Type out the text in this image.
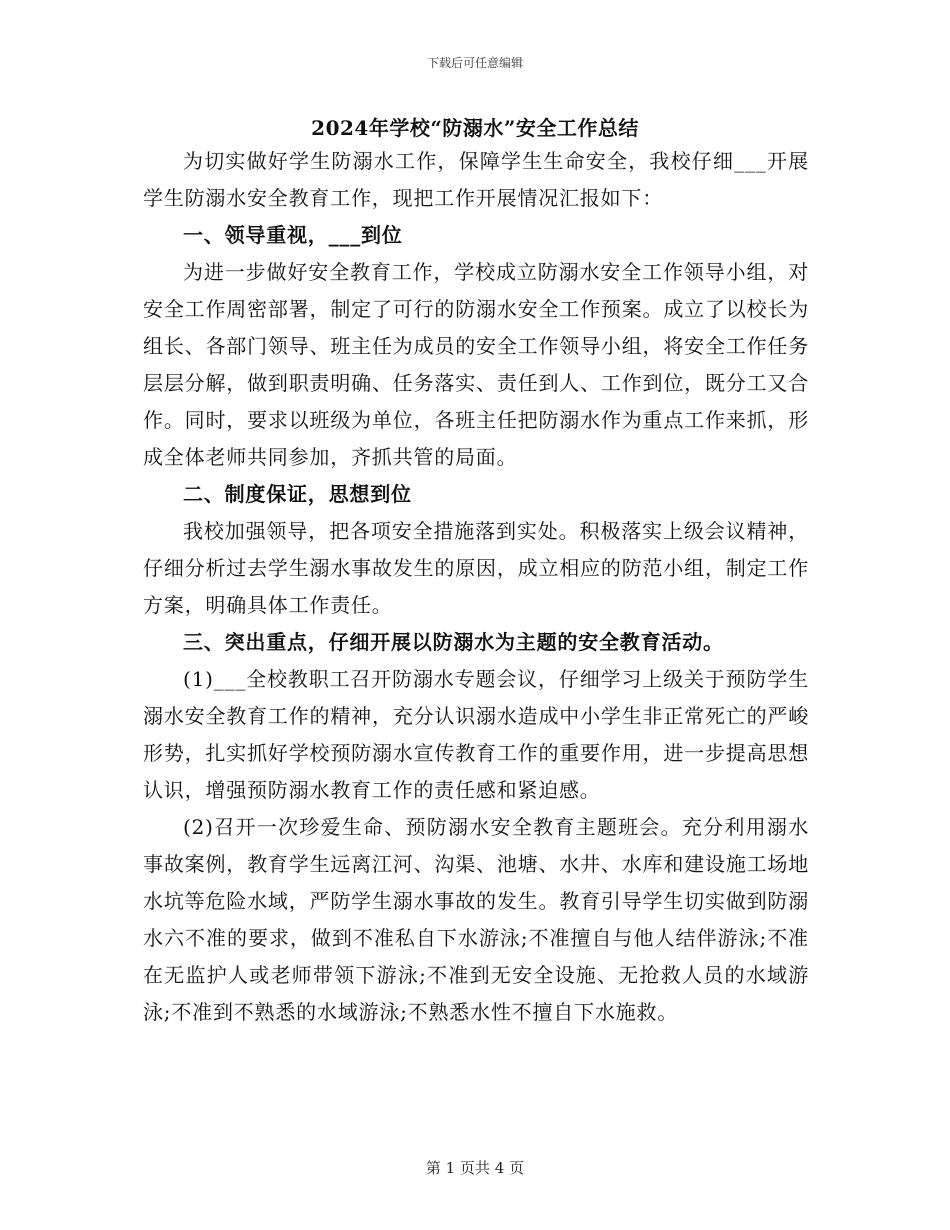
下载后可任意编辑
2024年学校“防溺水”安全工作总结

为切实做好学生防溺水工作，保障学生生命安全，我校仔细___开展学生防溺水安全教育工作，现把工作开展情况汇报如下：

一、领导重视，___到位

为进一步做好安全教育工作，学校成立防溺水安全工作领导小组，对安全工作周密部署，制定了可行的防溺水安全工作预案。成立了以校长为组长、各部门领导、班主任为成员的安全工作领导小组，将安全工作任务层层分解，做到职责明确、任务落实、责任到人、工作到位，既分工又合作。同时，要求以班级为单位，各班主任把防溺水作为重点工作来抓，形成全体老师共同参加，齐抓共管的局面。

二、制度保证，思想到位

我校加强领导，把各项安全措施落到实处。积极落实上级会议精神，仔细分析过去学生溺水事故发生的原因，成立相应的防范小组，制定工作方案，明确具体工作责任。

三、突出重点，仔细开展以防溺水为主题的安全教育活动。

(1)___全校教职工召开防溺水专题会议，仔细学习上级关于预防学生溺水安全教育工作的精神，充分认识溺水造成中小学生非正常死亡的严峻形势，扎实抓好学校预防溺水宣传教育工作的重要作用，进一步提高思想认识，增强预防溺水教育工作的责任感和紧迫感。

(2)召开一次珍爱生命、预防溺水安全教育主题班会。充分利用溺水事故案例，教育学生远离江河、沟渠、池塘、水井、水库和建设施工场地水坑等危险水域，严防学生溺水事故的发生。教育引导学生切实做到防溺水六不准的要求，做到不准私自下水游泳;不准擅自与他人结伴游泳;不准在无监护人或老师带领下游泳;不准到无安全设施、无抢救人员的水域游泳;不准到不熟悉的水域游泳;不熟悉水性不擅自下水施救。

第 1 页共 4 页
